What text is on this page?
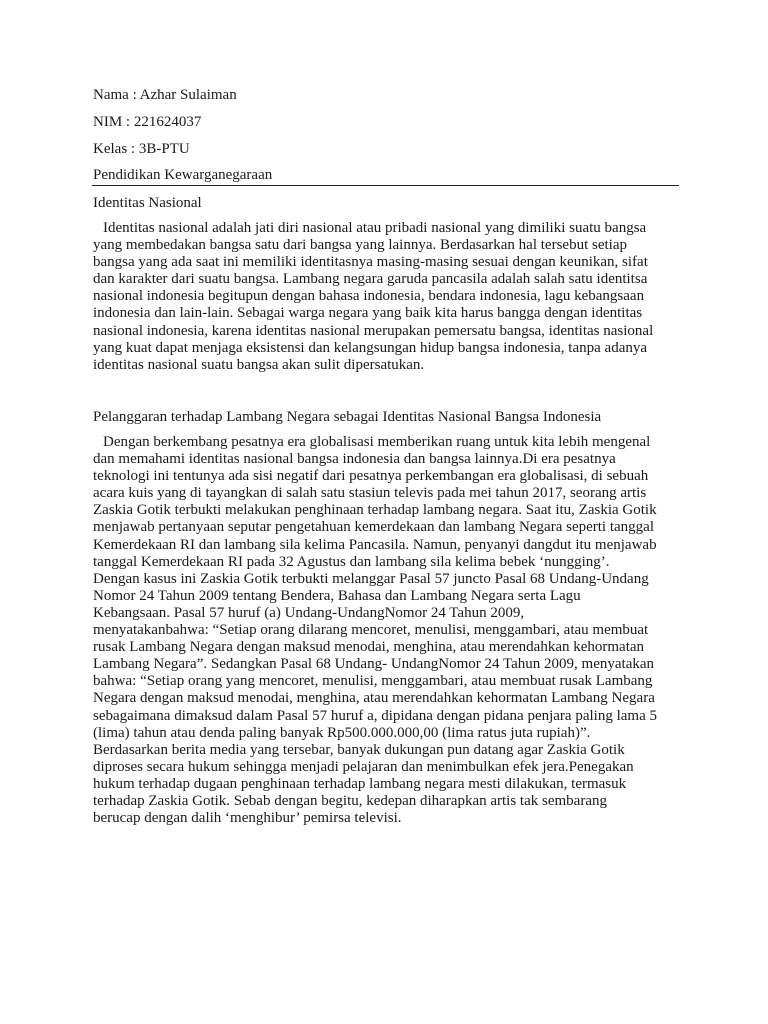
Nama : Azhar Sulaiman
NIM : 221624037
Kelas : 3B-PTU
Pendidikan Kewarganegaraan
Identitas Nasional
Identitas nasional adalah jati diri nasional atau pribadi nasional yang dimiliki suatu bangsa
yang membedakan bangsa satu dari bangsa yang lainnya. Berdasarkan hal tersebut setiap
bangsa yang ada saat ini memiliki identitasnya masing-masing sesuai dengan keunikan, sifat
dan karakter dari suatu bangsa. Lambang negara garuda pancasila adalah salah satu identitsa
nasional indonesia begitupun dengan bahasa indonesia, bendara indonesia, lagu kebangsaan
indonesia dan lain-lain. Sebagai warga negara yang baik kita harus bangga dengan identitas
nasional indonesia, karena identitas nasional merupakan pemersatu bangsa, identitas nasional
yang kuat dapat menjaga eksistensi dan kelangsungan hidup bangsa indonesia, tanpa adanya
identitas nasional suatu bangsa akan sulit dipersatukan.
Pelanggaran terhadap Lambang Negara sebagai Identitas Nasional Bangsa Indonesia
Dengan berkembang pesatnya era globalisasi memberikan ruang untuk kita lebih mengenal
dan memahami identitas nasional bangsa indonesia dan bangsa lainnya.Di era pesatnya
teknologi ini tentunya ada sisi negatif dari pesatnya perkembangan era globalisasi, di sebuah
acara kuis yang di tayangkan di salah satu stasiun televis pada mei tahun 2017, seorang artis
Zaskia Gotik terbukti melakukan penghinaan terhadap lambang negara. Saat itu, Zaskia Gotik
menjawab pertanyaan seputar pengetahuan kemerdekaan dan lambang Negara seperti tanggal
Kemerdekaan RI dan lambang sila kelima Pancasila. Namun, penyanyi dangdut itu menjawab
tanggal Kemerdekaan RI pada 32 Agustus dan lambang sila kelima bebek ‘nungging’.
Dengan kasus ini Zaskia Gotik terbukti melanggar Pasal 57 juncto Pasal 68 Undang-Undang
Nomor 24 Tahun 2009 tentang Bendera, Bahasa dan Lambang Negara serta Lagu
Kebangsaan. Pasal 57 huruf (a) Undang-UndangNomor 24 Tahun 2009,
menyatakanbahwa: “Setiap orang dilarang mencoret, menulisi, menggambari, atau membuat
rusak Lambang Negara dengan maksud menodai, menghina, atau merendahkan kehormatan
Lambang Negara”. Sedangkan Pasal 68 Undang- UndangNomor 24 Tahun 2009, menyatakan
bahwa: “Setiap orang yang mencoret, menulisi, menggambari, atau membuat rusak Lambang
Negara dengan maksud menodai, menghina, atau merendahkan kehormatan Lambang Negara
sebagaimana dimaksud dalam Pasal 57 huruf a, dipidana dengan pidana penjara paling lama 5
(lima) tahun atau denda paling banyak Rp500.000.000,00 (lima ratus juta rupiah)”.
Berdasarkan berita media yang tersebar, banyak dukungan pun datang agar Zaskia Gotik
diproses secara hukum sehingga menjadi pelajaran dan menimbulkan efek jera.Penegakan
hukum terhadap dugaan penghinaan terhadap lambang negara mesti dilakukan, termasuk
terhadap Zaskia Gotik. Sebab dengan begitu, kedepan diharapkan artis tak sembarang
berucap dengan dalih ‘menghibur’ pemirsa televisi.
